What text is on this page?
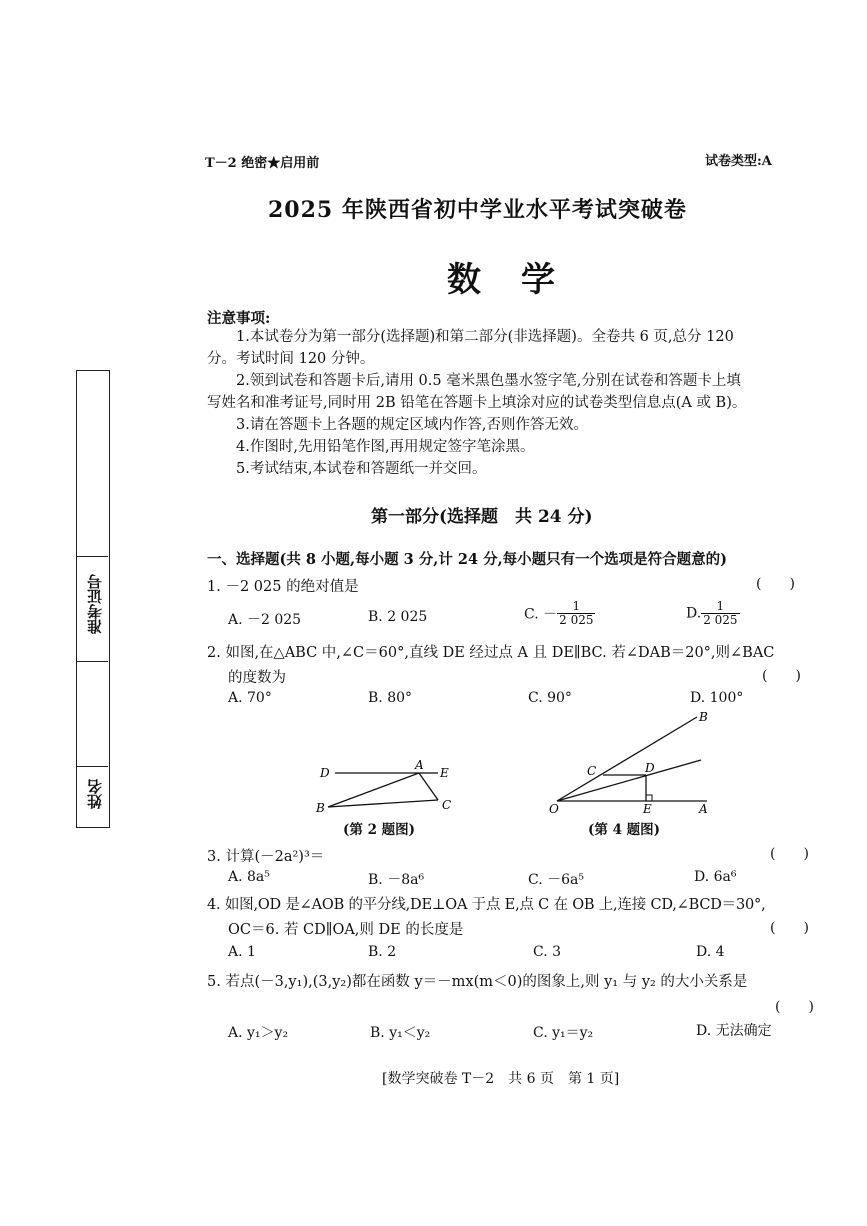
T－2 绝密★启用前	试卷类型:A
2025 年陕西省初中学业水平考试突破卷
数学
注意事项:
1.本试卷分为第一部分(选择题)和第二部分(非选择题)。全卷共 6 页,总分 120
分。考试时间 120 分钟。
2.领到试卷和答题卡后,请用 0.5 毫米黑色墨水签字笔,分别在试卷和答题卡上填
写姓名和准考证号,同时用 2B 铅笔在答题卡上填涂对应的试卷类型信息点(A 或 B)。
3.请在答题卡上各题的规定区域内作答,否则作答无效。
4.作图时,先用铅笔作图,再用规定签字笔涂黑。
5.考试结束,本试卷和答题纸一并交回。
准考证号
姓名
第一部分(选择题　共 24 分)
一、选择题(共 8 小题,每小题 3 分,计 24 分,每小题只有一个选项是符合题意的)
1. －2 025 的绝对值是	(　　)
A. －2 025	B. 2 025	C. － $\frac{1}{2 025}$	D. $\frac{1}{2 025}$
2. 如图,在△ABC 中,∠C＝60°,直线 DE 经过点 A 且 DE∥BC. 若∠DAB＝20°,则∠BAC
的度数为	(　　)
A. 70°	B. 80°	C. 90°	D. 100°
D
A
E
B	C
(第 2 题图)
B
C	D
O	E	A
(第 4 题图)
3. 计算(－2a²)³＝	(　　)
A. 8a⁵	B. －8a⁶	C. －6a⁵	D. 6a⁶
4. 如图,OD 是∠AOB 的平分线,DE⊥OA 于点 E,点 C 在 OB 上,连接 CD,∠BCD＝30°,
OC＝6. 若 CD∥OA,则 DE 的长度是	(　　)
A. 1	B. 2	C. 3	D. 4
5. 若点(－3,y₁),(3,y₂)都在函数 y＝－mx(m＜0)的图象上,则 y₁ 与 y₂ 的大小关系是
(　　)
A. y₁＞y₂	B. y₁＜y₂	C. y₁＝y₂	D. 无法确定
[数学突破卷 T－2　共 6 页　第 1 页]
